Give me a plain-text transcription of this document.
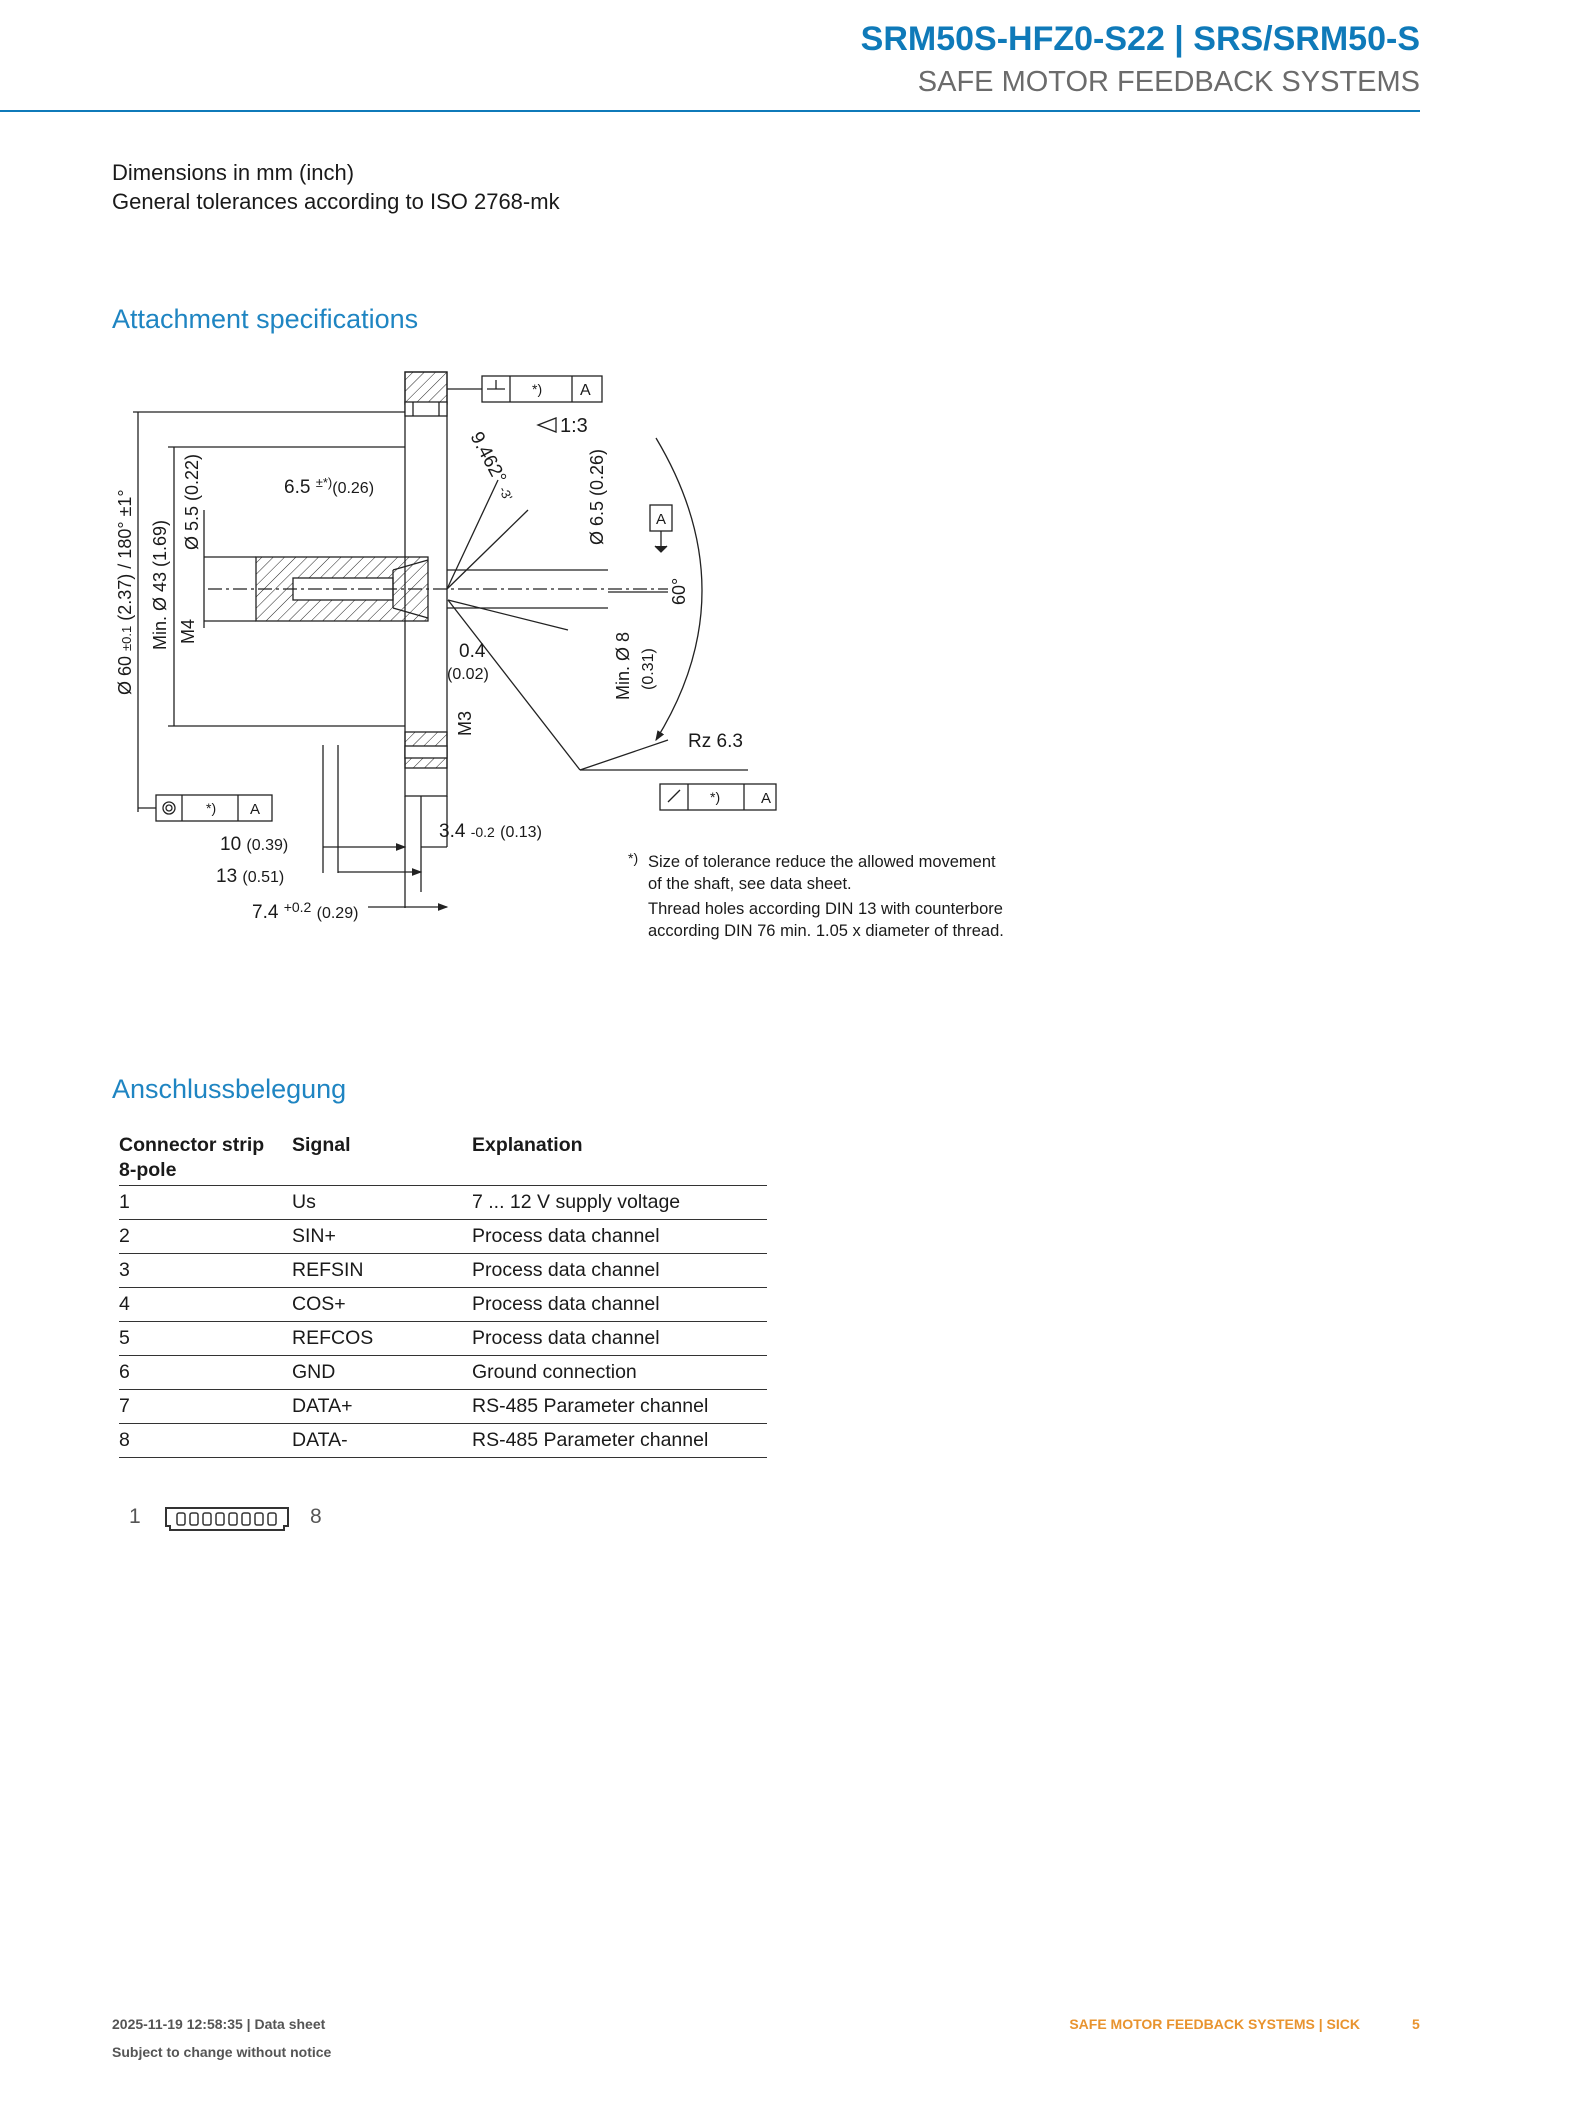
SRM50S-HFZ0-S22 | SRS/SRM50-S
SAFE MOTOR FEEDBACK SYSTEMS
Dimensions in mm (inch)
General tolerances according to ISO 2768-mk
Attachment specifications
*) A
1:3
9.462° -3'
6.5 ±*)$_{(0.26)}$	Ø 6.5 (0.26)	A
60°
Ø 60 ±0.1 (2.37) / 180° ±1° Min. Ø 43 (1.69)
Ø 5.5 (0.22)
M4
0.4
(0.02)
M3
Min. Ø 8 (0.31)
Rz 6.3
*) A
*)	A
3.4 -0.2 (0.13)
10 (0.39)
13 (0.51)
7.4 $^{+0.2}$ $_{(0.29)}$
*) Size of tolerance reduce the allowed movement of the shaft, see data sheet.

Thread holes according DIN 13 with counterbore according DIN 76 min. 1.05 x diameter of thread.

Anschlussbelegung
Connector strip
8-pole	Signal	Explanation
1	Us	7 ... 12 V supply voltage
2	SIN+	Process data channel
3	REFSIN	Process data channel
4	COS+	Process data channel
5	REFCOS	Process data channel
6	GND	Ground connection
7	DATA+	RS-485 Parameter channel
8	DATA-	RS-485 Parameter channel
1	8
2025-11-19 12:58:35 | Data sheet
Subject to change without notice
SAFE MOTOR FEEDBACK SYSTEMS | SICK	5
